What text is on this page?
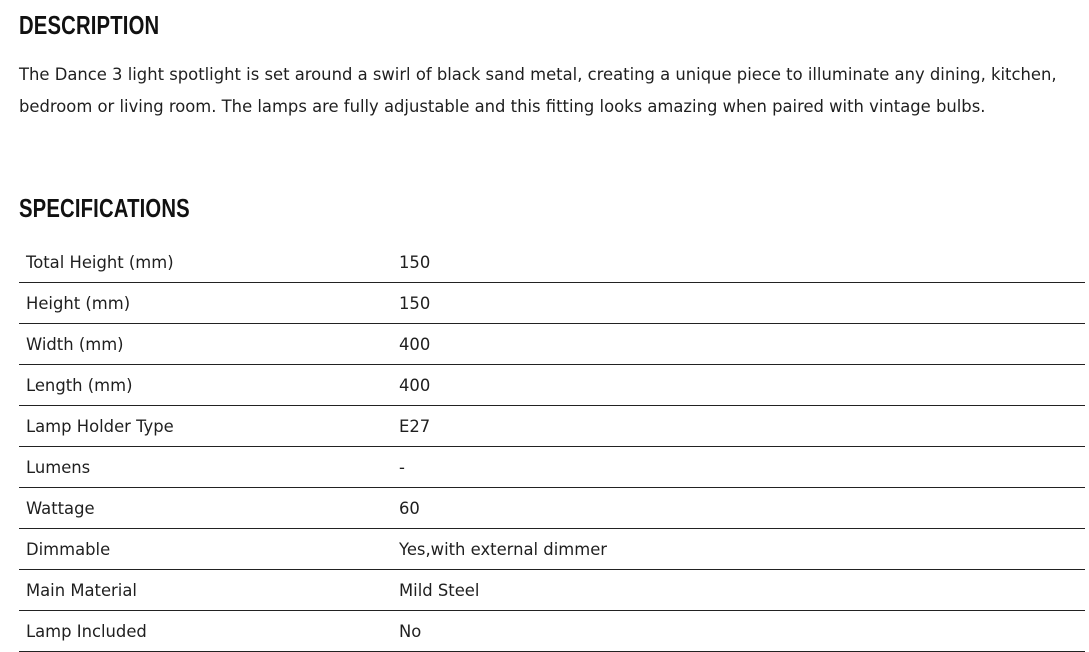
DESCRIPTION

The Dance 3 light spotlight is set around a swirl of black sand metal, creating a unique piece to illuminate any dining, kitchen, bedroom or living room. The lamps are fully adjustable and this fitting looks amazing when paired with vintage bulbs.

SPECIFICATIONS
Total Height (mm)	150
Height (mm)	150
Width (mm)	400
Length (mm)	400
Lamp Holder Type	E27
Lumens	-
Wattage	60
Dimmable	Yes,with external dimmer
Main Material	Mild Steel
Lamp Included	No
